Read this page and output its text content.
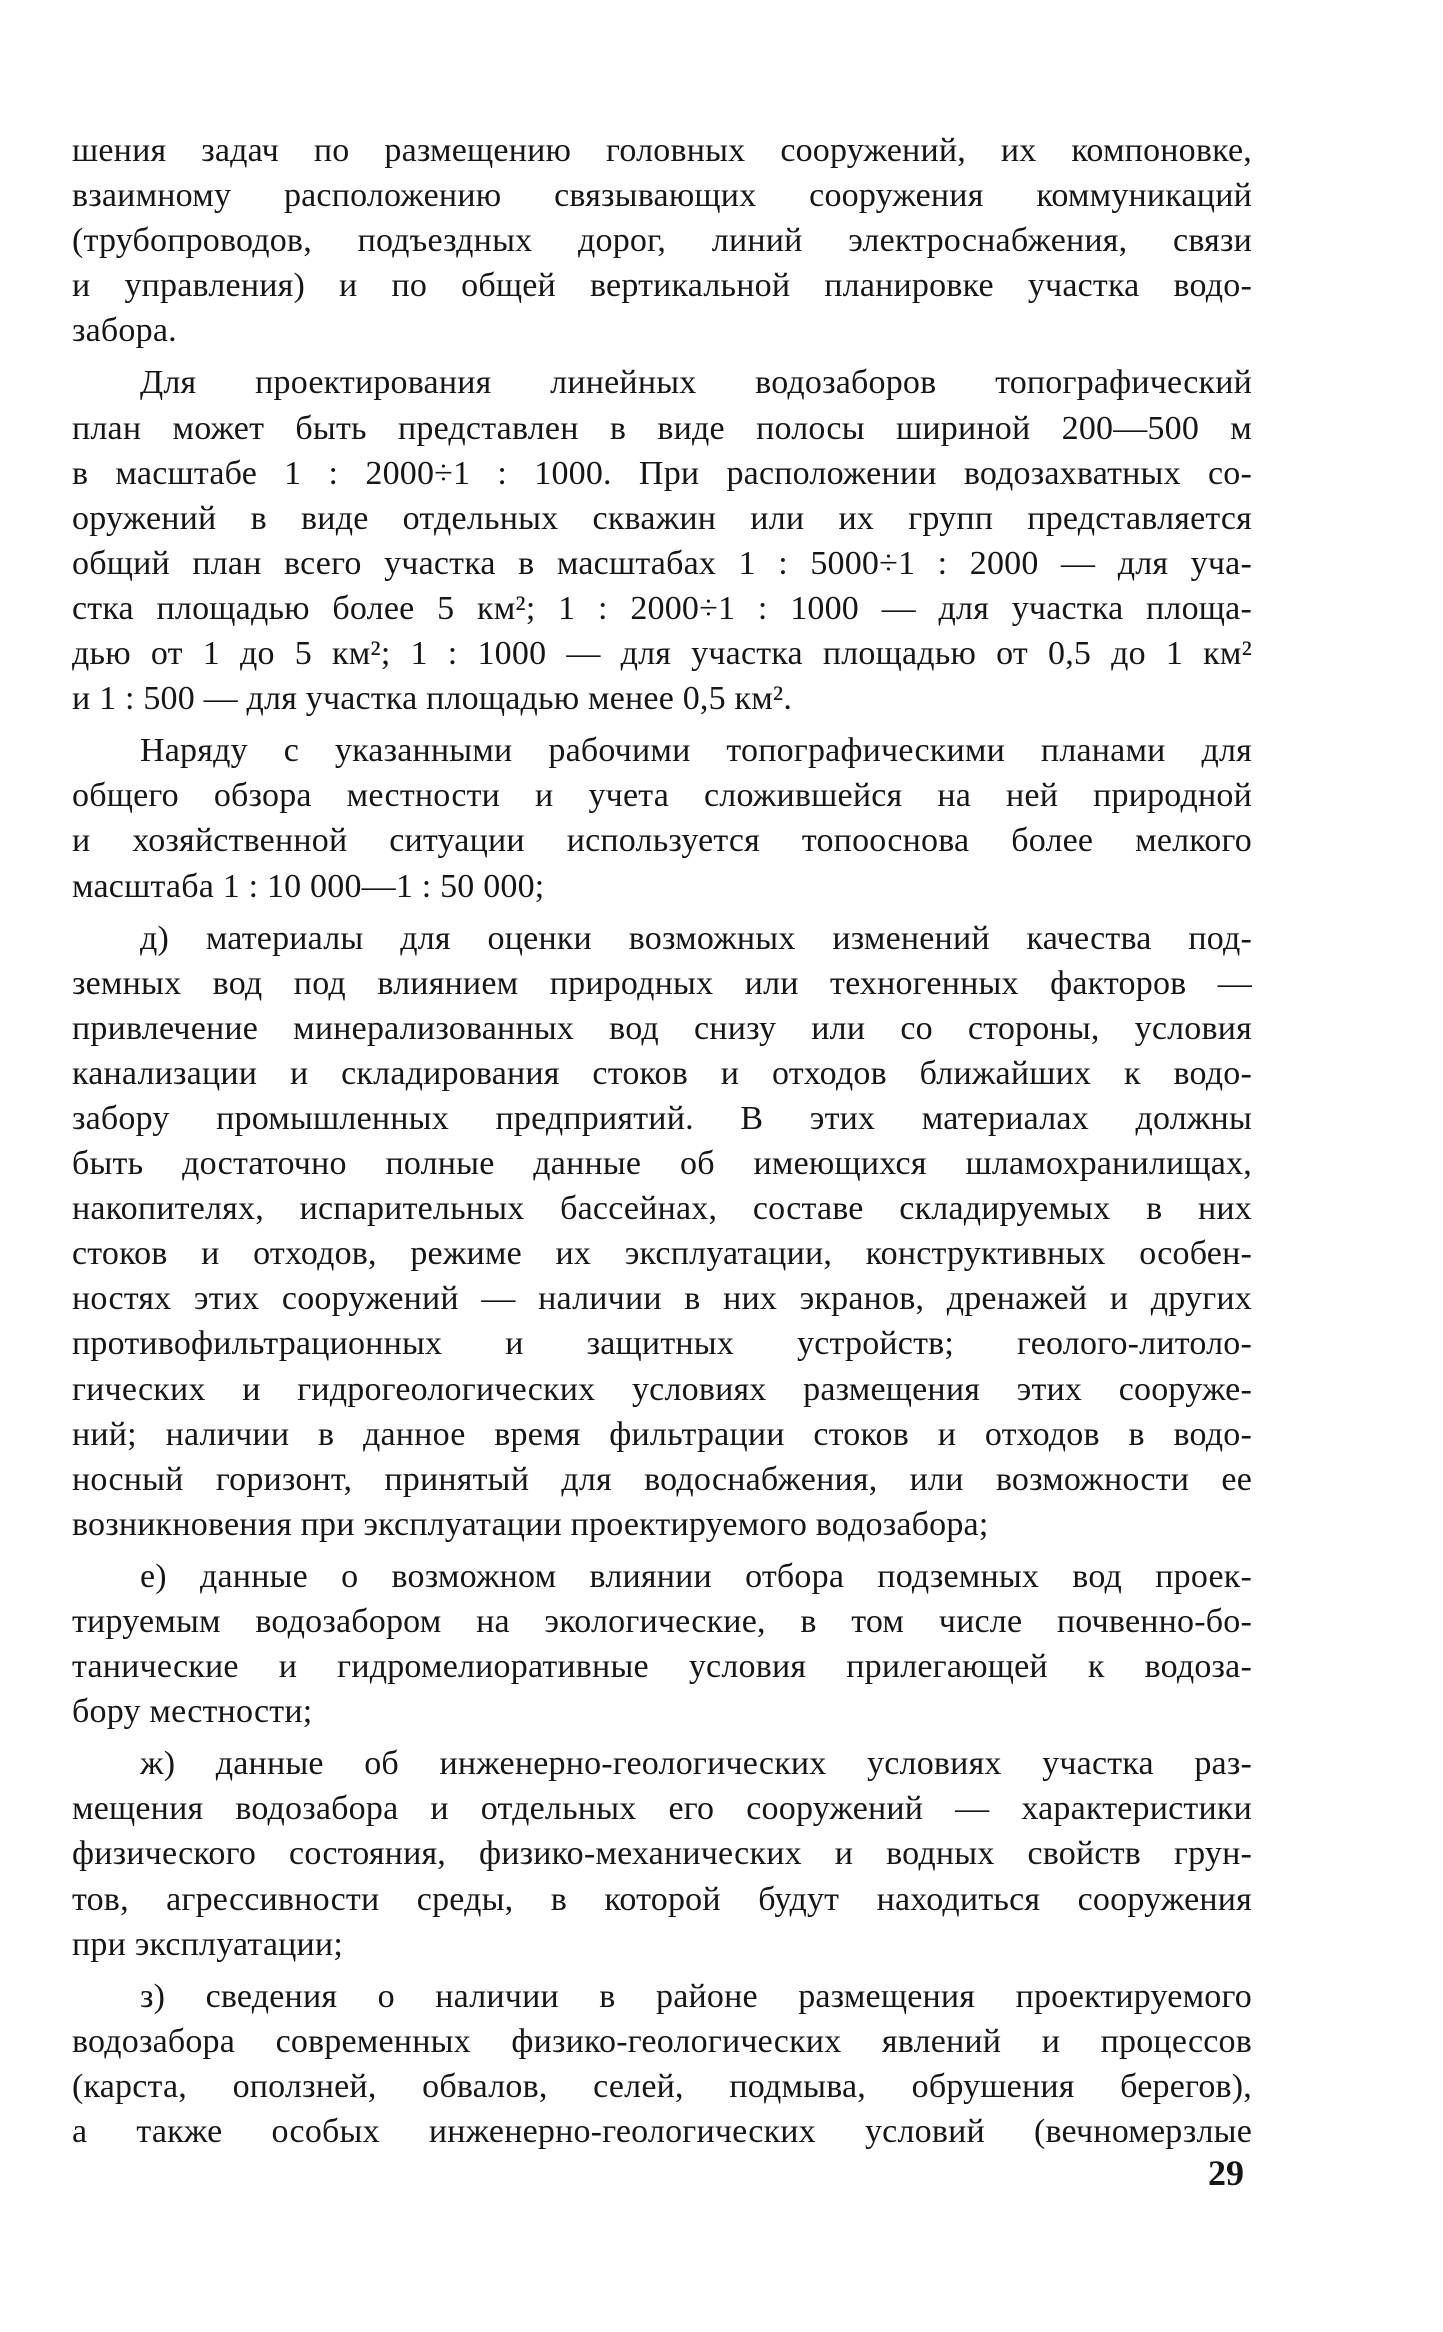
шения задач по размещению головных сооружений, их компоновке,
взаимному расположению связывающих сооружения коммуникаций
(трубопроводов, подъездных дорог, линий электроснабжения, связи
и управления) и по общей вертикальной планировке участка водо-
забора.
Для проектирования линейных водозаборов топографический
план может быть представлен в виде полосы шириной 200—500 м
в масштабе 1 : 2000÷1 : 1000. При расположении водозахватных со-
оружений в виде отдельных скважин или их групп представляется
общий план всего участка в масштабах 1 : 5000÷1 : 2000 — для уча-
стка площадью более 5 км²; 1 : 2000÷1 : 1000 — для участка площа-
дью от 1 до 5 км²; 1 : 1000 — для участка площадью от 0,5 до 1 км²
и 1 : 500 — для участка площадью менее 0,5 км².
Наряду с указанными рабочими топографическими планами для
общего обзора местности и учета сложившейся на ней природной
и хозяйственной ситуации используется топооснова более мелкого
масштаба 1 : 10 000—1 : 50 000;
д) материалы для оценки возможных изменений качества под-
земных вод под влиянием природных или техногенных факторов —
привлечение минерализованных вод снизу или со стороны, условия
канализации и складирования стоков и отходов ближайших к водо-
забору промышленных предприятий. В этих материалах должны
быть достаточно полные данные об имеющихся шламохранилищах,
накопителях, испарительных бассейнах, составе складируемых в них
стоков и отходов, режиме их эксплуатации, конструктивных особен-
ностях этих сооружений — наличии в них экранов, дренажей и других
противофильтрационных и защитных устройств; геолого-литоло-
гических и гидрогеологических условиях размещения этих сооруже-
ний; наличии в данное время фильтрации стоков и отходов в водо-
носный горизонт, принятый для водоснабжения, или возможности ее
возникновения при эксплуатации проектируемого водозабора;
е) данные о возможном влиянии отбора подземных вод проек-
тируемым водозабором на экологические, в том числе почвенно-бо-
танические и гидромелиоративные условия прилегающей к водоза-
бору местности;
ж) данные об инженерно-геологических условиях участка раз-
мещения водозабора и отдельных его сооружений — характеристики
физического состояния, физико-механических и водных свойств грун-
тов, агрессивности среды, в которой будут находиться сооружения
при эксплуатации;
з) сведения о наличии в районе размещения проектируемого
водозабора современных физико-геологических явлений и процессов
(карста, оползней, обвалов, селей, подмыва, обрушения берегов),
а также особых инженерно-геологических условий (вечномерзлые
29
